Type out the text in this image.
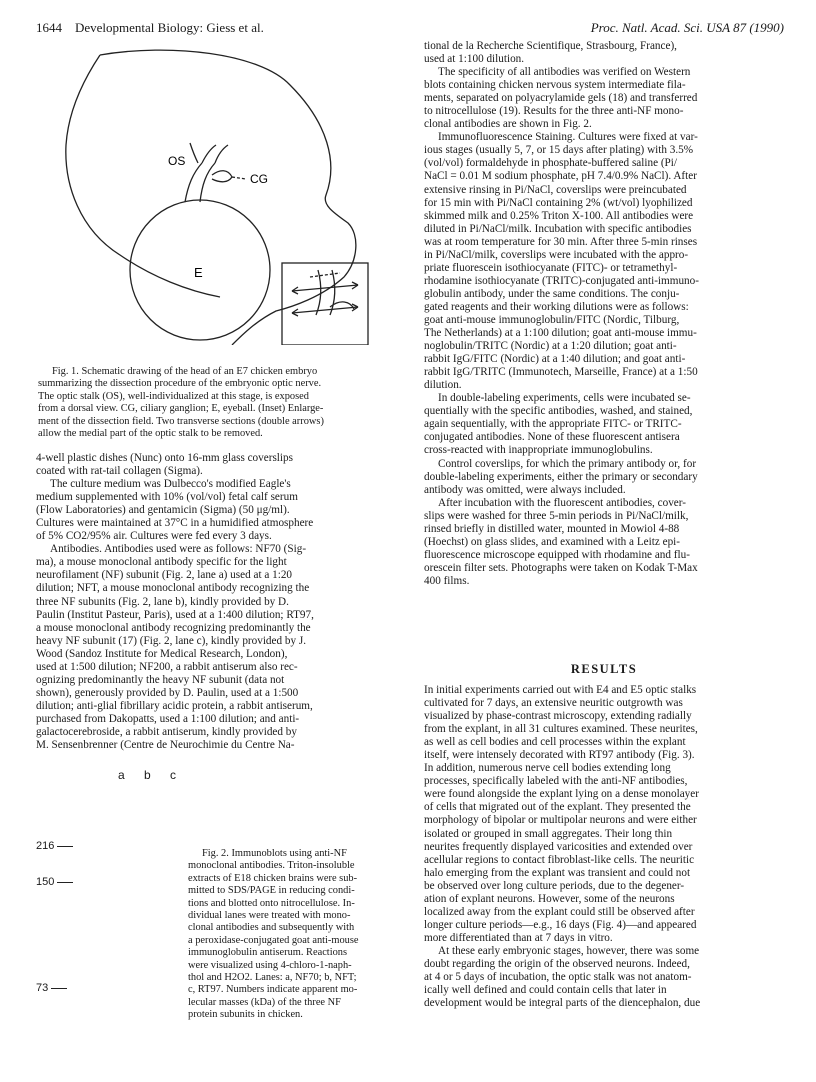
1644 Developmental Biology: Giess et al.	Proc. Natl. Acad. Sci. USA 87 (1990)
OS
CG
E
Fig. 1. Schematic drawing of the head of an E7 chicken embryo
summarizing the dissection procedure of the embryonic optic nerve.
The optic stalk (OS), well-individualized at this stage, is exposed
from a dorsal view. CG, ciliary ganglion; E, eyeball. (Inset) Enlarge-
ment of the dissection field. Two transverse sections (double arrows)
allow the medial part of the optic stalk to be removed.
4-well plastic dishes (Nunc) onto 16-mm glass coverslips
coated with rat-tail collagen (Sigma).
The culture medium was Dulbecco's modified Eagle's
medium supplemented with 10% (vol/vol) fetal calf serum
(Flow Laboratories) and gentamicin (Sigma) (50 μg/ml).
Cultures were maintained at 37°C in a humidified atmosphere
of 5% CO2/95% air. Cultures were fed every 3 days.
Antibodies. Antibodies used were as follows: NF70 (Sig-
ma), a mouse monoclonal antibody specific for the light
neurofilament (NF) subunit (Fig. 2, lane a) used at a 1:20
dilution; NFT, a mouse monoclonal antibody recognizing the
three NF subunits (Fig. 2, lane b), kindly provided by D.
Paulin (Institut Pasteur, Paris), used at a 1:400 dilution; RT97,
a mouse monoclonal antibody recognizing predominantly the
heavy NF subunit (17) (Fig. 2, lane c), kindly provided by J.
Wood (Sandoz Institute for Medical Research, London),
used at 1:500 dilution; NF200, a rabbit antiserum also rec-
ognizing predominantly the heavy NF subunit (data not
shown), generously provided by D. Paulin, used at a 1:500
dilution; anti-glial fibrillary acidic protein, a rabbit antiserum,
purchased from Dakopatts, used a 1:100 dilution; and anti-
galactocerebroside, a rabbit antiserum, kindly provided by
M. Sensenbrenner (Centre de Neurochimie du Centre Na-
a b c
216
150
73
Fig. 2. Immunoblots using anti-NF
monoclonal antibodies. Triton-insoluble
extracts of E18 chicken brains were sub-
mitted to SDS/PAGE in reducing condi-
tions and blotted onto nitrocellulose. In-
dividual lanes were treated with mono-
clonal antibodies and subsequently with
a peroxidase-conjugated goat anti-mouse
immunoglobulin antiserum. Reactions
were visualized using 4-chloro-1-naph-
thol and H2O2. Lanes: a, NF70; b, NFT;
c, RT97. Numbers indicate apparent mo-
lecular masses (kDa) of the three NF
protein subunits in chicken.
tional de la Recherche Scientifique, Strasbourg, France),
used at 1:100 dilution.
The specificity of all antibodies was verified on Western
blots containing chicken nervous system intermediate fila-
ments, separated on polyacrylamide gels (18) and transferred
to nitrocellulose (19). Results for the three anti-NF mono-
clonal antibodies are shown in Fig. 2.
Immunofluorescence Staining. Cultures were fixed at var-
ious stages (usually 5, 7, or 15 days after plating) with 3.5%
(vol/vol) formaldehyde in phosphate-buffered saline (Pi/
NaCl = 0.01 M sodium phosphate, pH 7.4/0.9% NaCl). After
extensive rinsing in Pi/NaCl, coverslips were preincubated
for 15 min with Pi/NaCl containing 2% (wt/vol) lyophilized
skimmed milk and 0.25% Triton X-100. All antibodies were
diluted in Pi/NaCl/milk. Incubation with specific antibodies
was at room temperature for 30 min. After three 5-min rinses
in Pi/NaCl/milk, coverslips were incubated with the appro-
priate fluorescein isothiocyanate (FITC)- or tetramethyl-
rhodamine isothiocyanate (TRITC)-conjugated anti-immuno-
globulin antibody, under the same conditions. The conju-
gated reagents and their working dilutions were as follows:
goat anti-mouse immunoglobulin/FITC (Nordic, Tilburg,
The Netherlands) at a 1:100 dilution; goat anti-mouse immu-
noglobulin/TRITC (Nordic) at a 1:20 dilution; goat anti-
rabbit IgG/FITC (Nordic) at a 1:40 dilution; and goat anti-
rabbit IgG/TRITC (Immunotech, Marseille, France) at a 1:50
dilution.
In double-labeling experiments, cells were incubated se-
quentially with the specific antibodies, washed, and stained,
again sequentially, with the appropriate FITC- or TRITC-
conjugated antibodies. None of these fluorescent antisera
cross-reacted with inappropriate immunoglobulins.
Control coverslips, for which the primary antibody or, for
double-labeling experiments, either the primary or secondary
antibody was omitted, were always included.
After incubation with the fluorescent antibodies, cover-
slips were washed for three 5-min periods in Pi/NaCl/milk,
rinsed briefly in distilled water, mounted in Mowiol 4-88
(Hoechst) on glass slides, and examined with a Leitz epi-
fluorescence microscope equipped with rhodamine and flu-
orescein filter sets. Photographs were taken on Kodak T-Max
400 films.
RESULTS
In initial experiments carried out with E4 and E5 optic stalks
cultivated for 7 days, an extensive neuritic outgrowth was
visualized by phase-contrast microscopy, extending radially
from the explant, in all 31 cultures examined. These neurites,
as well as cell bodies and cell processes within the explant
itself, were intensely decorated with RT97 antibody (Fig. 3).
In addition, numerous nerve cell bodies extending long
processes, specifically labeled with the anti-NF antibodies,
were found alongside the explant lying on a dense monolayer
of cells that migrated out of the explant. They presented the
morphology of bipolar or multipolar neurons and were either
isolated or grouped in small aggregates. Their long thin
neurites frequently displayed varicosities and extended over
acellular regions to contact fibroblast-like cells. The neuritic
halo emerging from the explant was transient and could not
be observed over long culture periods, due to the degener-
ation of explant neurons. However, some of the neurons
localized away from the explant could still be observed after
longer culture periods—e.g., 16 days (Fig. 4)—and appeared
more differentiated than at 7 days in vitro.
At these early embryonic stages, however, there was some
doubt regarding the origin of the observed neurons. Indeed,
at 4 or 5 days of incubation, the optic stalk was not anatom-
ically well defined and could contain cells that later in
development would be integral parts of the diencephalon, due
